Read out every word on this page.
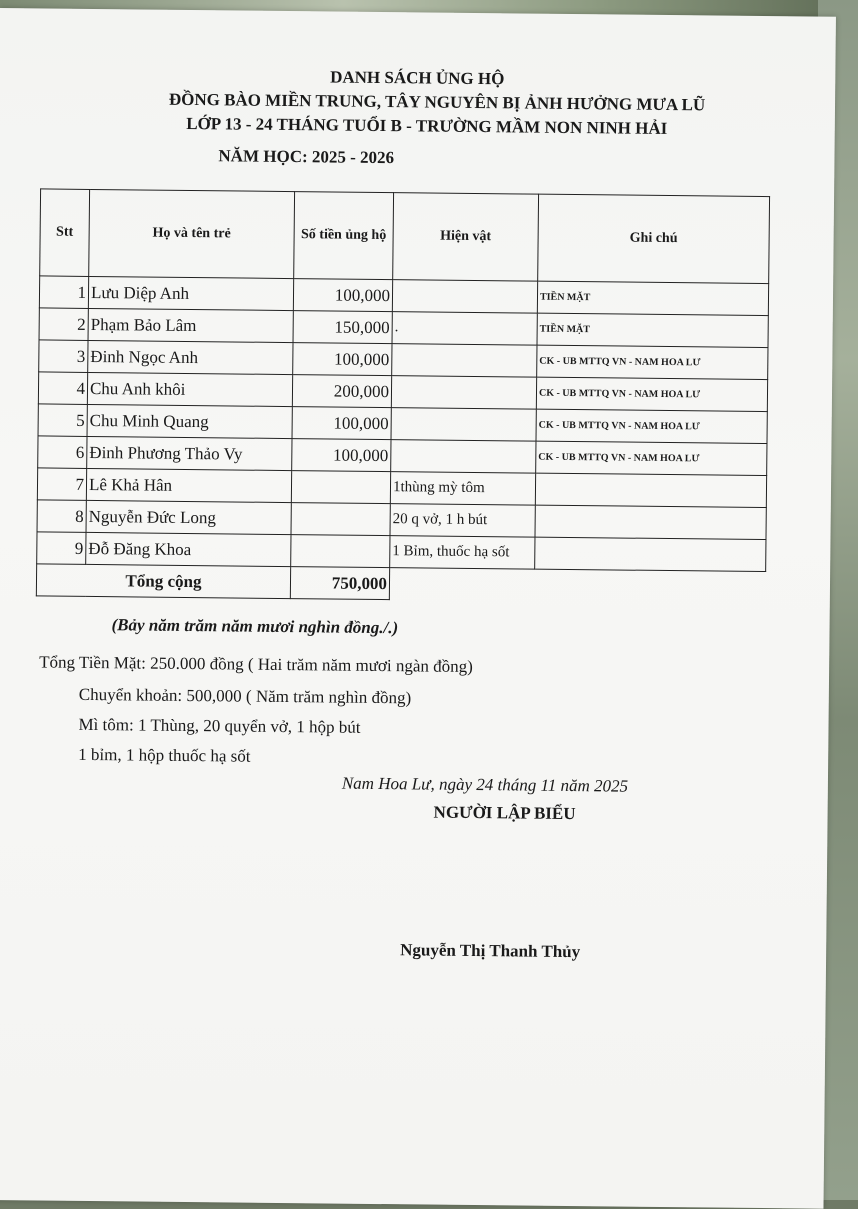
DANH SÁCH ỦNG HỘ
ĐỒNG BÀO MIỀN TRUNG, TÂY NGUYÊN BỊ ẢNH HƯỞNG MƯA LŨ
LỚP 13 - 24 THÁNG TUỔI B - TRƯỜNG MẦM NON NINH HẢI
NĂM HỌC: 2025 - 2026
Stt	Họ và tên trẻ	Số tiền ủng hộ	Hiện vật	Ghi chú
1	Lưu Diệp Anh	100,000		TIỀN MẶT
2	Phạm Bảo Lâm	150,000	.	TIỀN MẶT
3	Đinh Ngọc Anh	100,000		CK - UB MTTQ VN - NAM HOA LƯ
4	Chu Anh khôi	200,000		CK - UB MTTQ VN - NAM HOA LƯ
5	Chu Minh Quang	100,000		CK - UB MTTQ VN - NAM HOA LƯ
6	Đinh Phương Thảo Vy	100,000		CK - UB MTTQ VN - NAM HOA LƯ
7	Lê Khả Hân		1thùng mỳ tôm	
8	Nguyễn Đức Long		20 q vở, 1 h bút	
9	Đỗ Đăng Khoa		1 Bỉm, thuốc hạ sốt	
Tổng cộng		750,000		
(Bảy năm trăm năm mươi nghìn đồng./.)
Tổng Tiền Mặt: 250.000 đồng ( Hai trăm năm mươi ngàn đồng)
Chuyển khoản: 500,000 ( Năm trăm nghìn đồng)
Mì tôm: 1 Thùng, 20 quyển vở, 1 hộp bút
1 bỉm, 1 hộp thuốc hạ sốt
Nam Hoa Lư, ngày 24 tháng 11 năm 2025
NGƯỜI LẬP BIỂU
Nguyễn Thị Thanh Thủy
